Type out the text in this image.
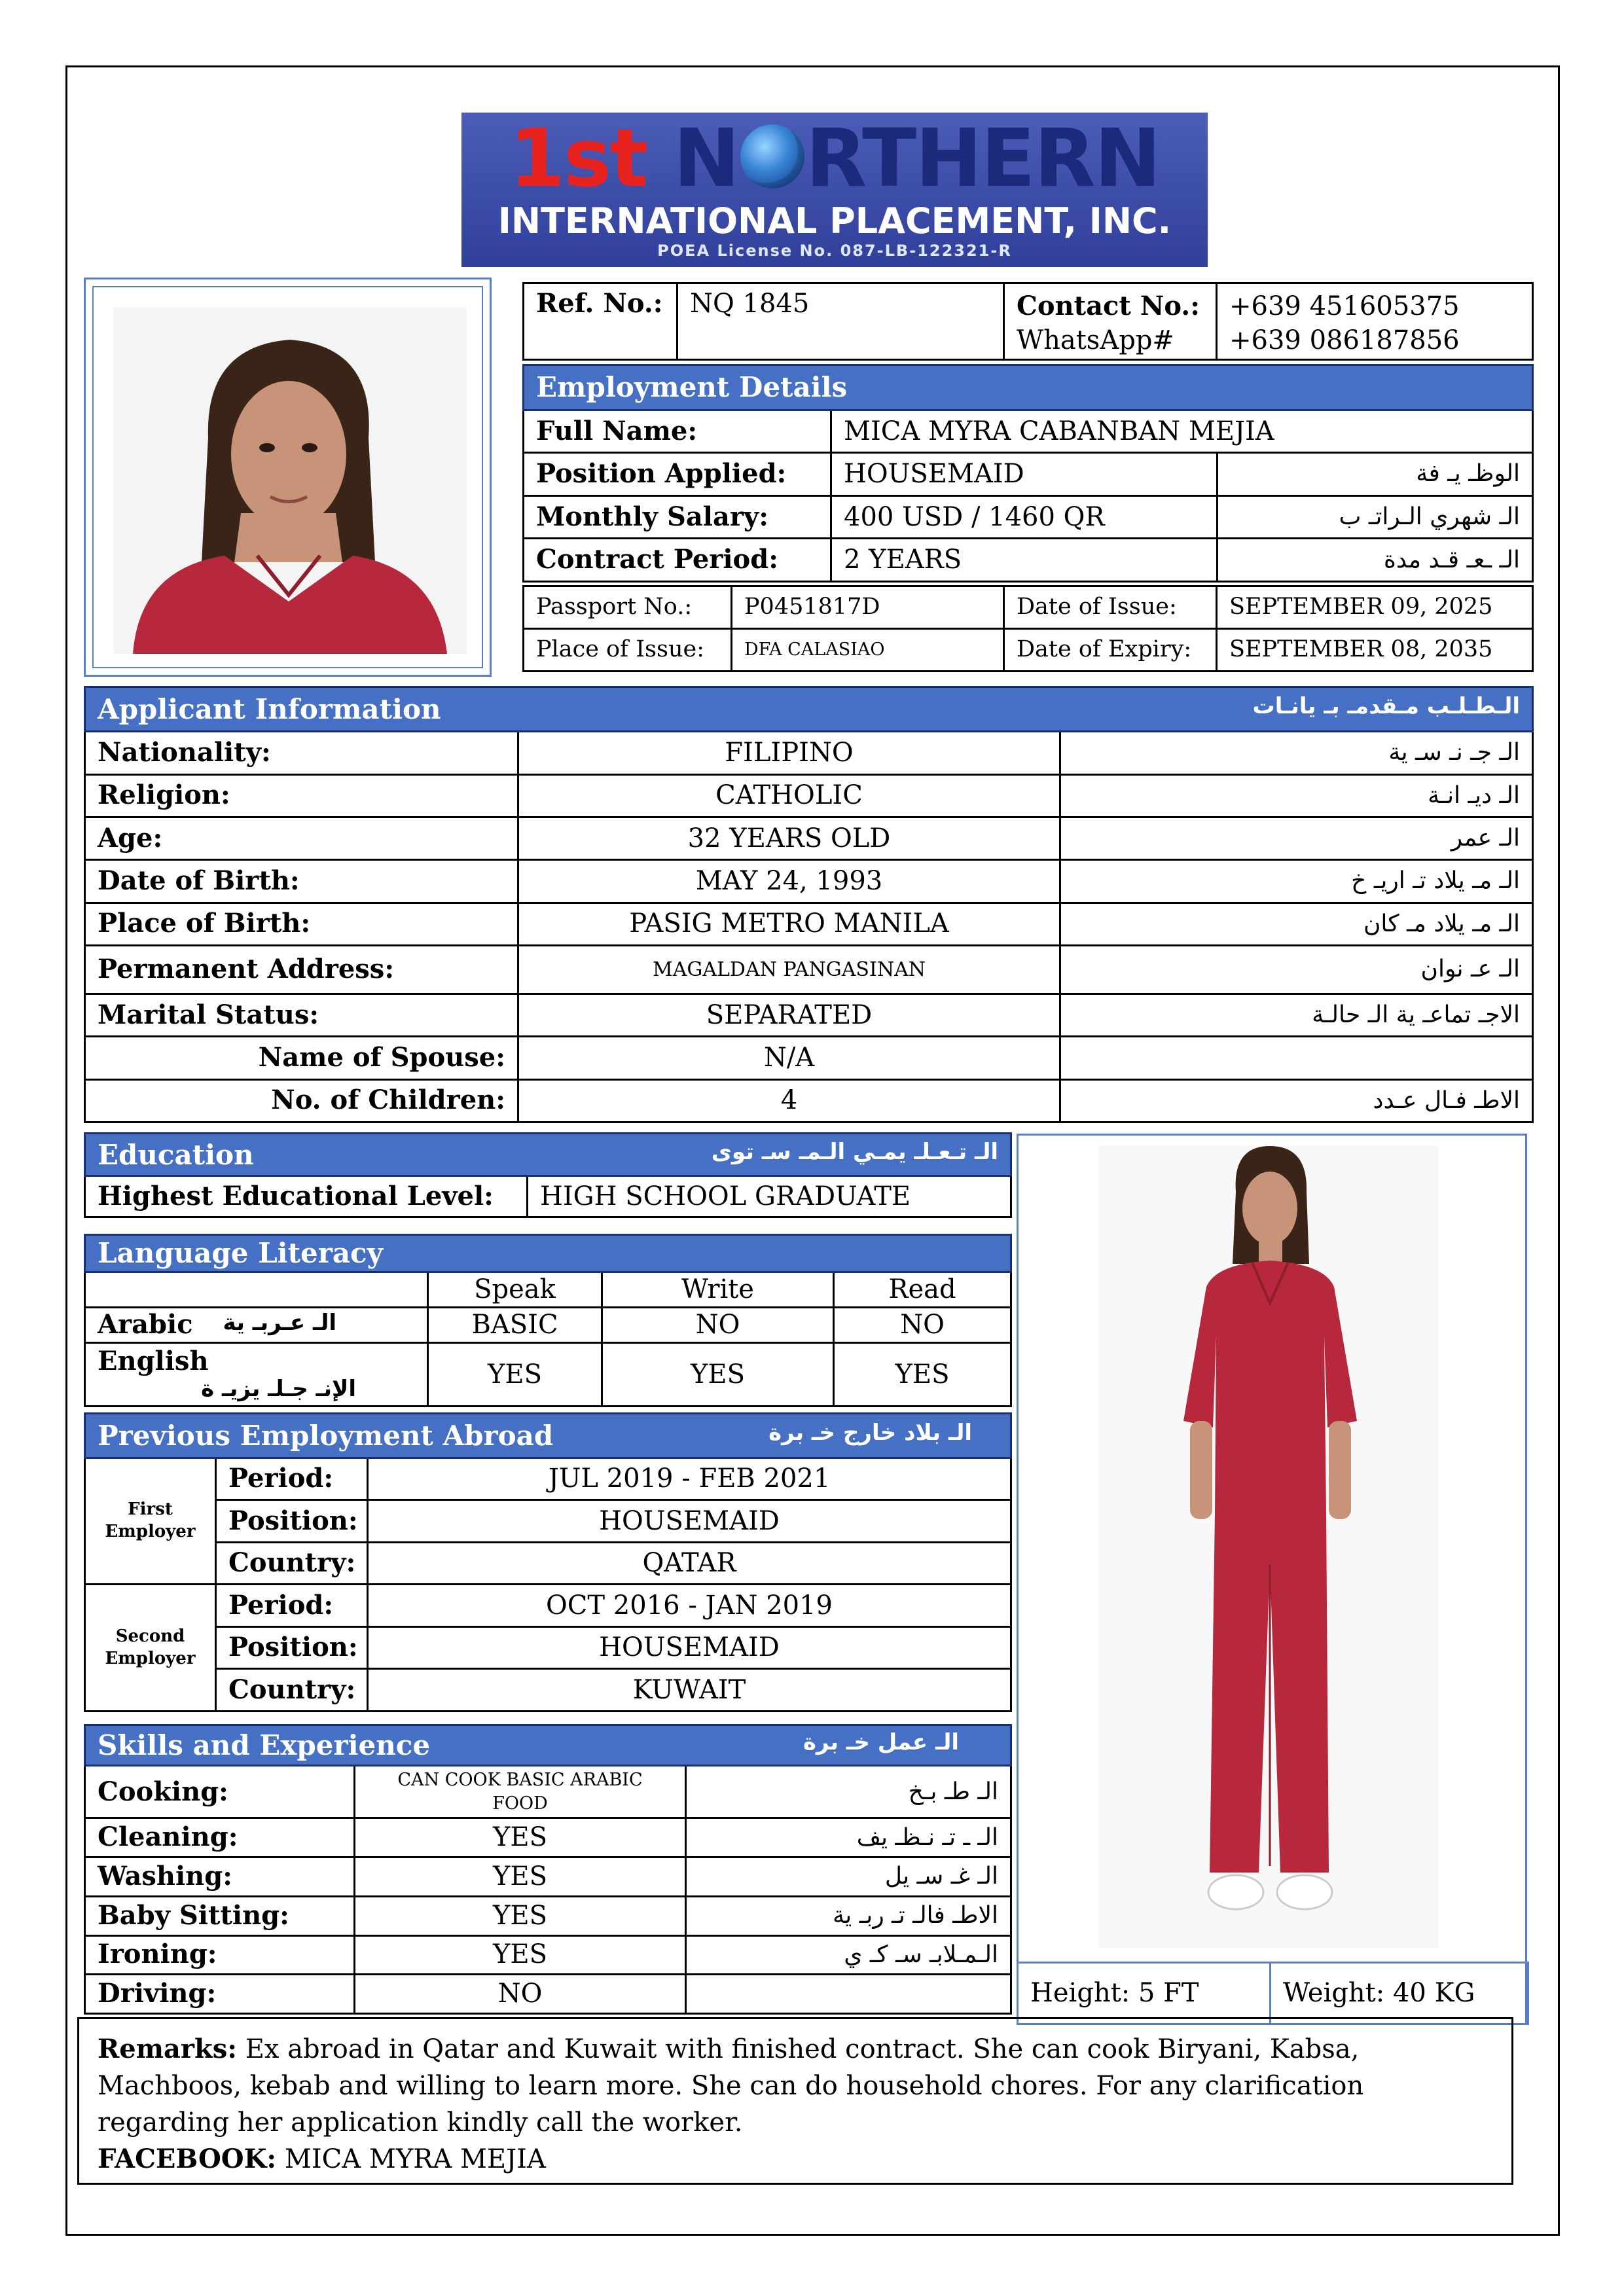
1st N RTHERN
INTERNATIONAL PLACEMENT, INC.
POEA License No. 087-LB-122321-R
Ref. No.:	NQ 1845	Contact No.:
WhatsApp#	+639 451605375
+639 086187856
Employment Details		
Full Name:	MICA MYRA CABANBAN MEJIA	
Position Applied:	HOUSEMAID	الوظـ يـ فة
Monthly Salary:	400 USD / 1460 QR	الـ شهري الـراتـ ب
Contract Period:	2 YEARS	الـ ـعـ قـد مدة
Passport No.:	P0451817D	Date of Issue:	SEPTEMBER 09, 2025
Place of Issue:	DFA CALASIAO	Date of Expiry:	SEPTEMBER 08, 2035
Applicant Information الـطـلـب مـقدمـ بـ يانـات		

Nationality:	FILIPINO	الـ جـ نـ سـ ية
Religion:	CATHOLIC	الـ ديـ انـة
Age:	32 YEARS OLD	الـ عمر
Date of Birth:	MAY 24, 1993	الـ مـ يلاد تـ اريـ خ
Place of Birth:	PASIG METRO MANILA	الـ مـ يلاد مـ كان
Permanent Address:	MAGALDAN PANGASINAN	الـ عـ نوان
Marital Status:	SEPARATED	الاجـ تماعـ ية الـ حالـة
Name of Spouse:	N/A	
No. of Children:	4	الاطـ فـال عـدد
Education	الـ تـعـلـ يمـي الـمـ سـ توى

Highest Educational Level:	HIGH SCHOOL GRADUATE
Language Literacy			
	Speak	Write	Read
Arabic الـ عـربـ ية	BASIC	NO	NO
English
الإنـ جـلـ يزيـ ة	YES	YES	YES
Previous Employment Abroad الـ بلاد خارج خـ برة		

First Employer	Period:	JUL 2019 - FEB 2021
	Position:	HOUSEMAID
	Country:	QATAR
Second Employer	Period:	OCT 2016 - JAN 2019
	Position:	HOUSEMAID
	Country:	KUWAIT
Skills and Experience الـ عمل خـ برة		

Cooking:	CAN COOK BASIC ARABIC FOOD	الـ طـ بـخ
Cleaning:	YES	الـ ـ تـ نـظـ يف
Washing:	YES	الـ غـ سـ يل
Baby Sitting:	YES	الاطـ فالـ تـ ربـ ية
Ironing:	YES	الـمـلابـ سـ كـ ي
Driving:	NO		Height: 5 FT	Weight: 40 KG
Remarks: Ex abroad in Qatar and Kuwait with finished contract. She can cook Biryani, Kabsa, Machboos, kebab and willing to learn more. She can do household chores. For any clarification regarding her application kindly call the worker.
FACEBOOK: MICA MYRA MEJIA
